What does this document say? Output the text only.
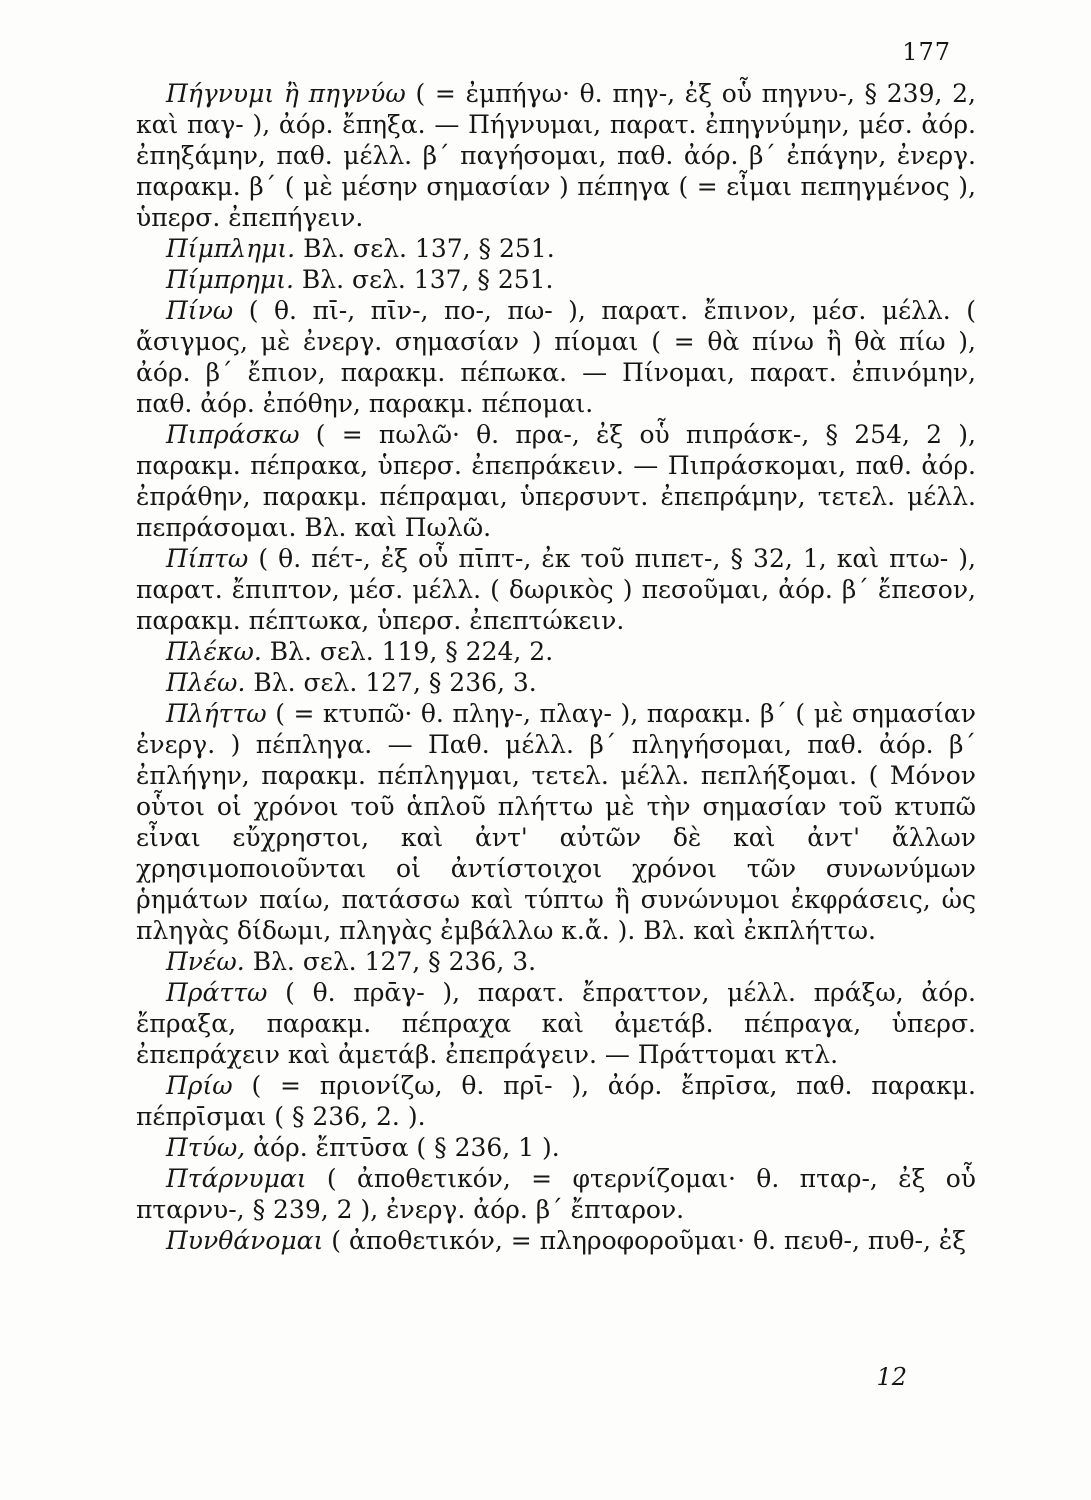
177

Πήγνυμι ἢ πηγνύω ( = ἐμπήγω· θ. πηγ-, ἐξ οὗ πηγνυ-, § 239, 2, καὶ παγ- ), ἀόρ. ἔπηξα. — Πήγνυμαι, παρατ. ἐπηγνύμην, μέσ. ἀόρ. ἐπηξάμην, παθ. μέλλ. β΄ παγήσομαι, παθ. ἀόρ. β΄ ἐπάγην, ἐνεργ. παρακμ. β΄ ( μὲ μέσην σημασίαν ) πέπηγα ( = εἶμαι πεπηγμένος ), ὑπερσ. ἐπεπήγειν.

Πίμπλημι. Βλ. σελ. 137, § 251.

Πίμπρημι. Βλ. σελ. 137, § 251.

Πίνω ( θ. πῑ-, πῑν-, πο-, πω- ), παρατ. ἔπινον, μέσ. μέλλ. ( ἄσιγμος, μὲ ἐνεργ. σημασίαν ) πίομαι ( = θὰ πίνω ἢ θὰ πίω ), ἀόρ. β΄ ἔπιον, παρακμ. πέπωκα. — Πίνομαι, παρατ. ἐπινόμην, παθ. ἀόρ. ἐπόθην, παρακμ. πέπομαι.

Πιπράσκω ( = πωλῶ· θ. πρα-, ἐξ οὗ πιπράσκ-, § 254, 2 ), παρακμ. πέπρακα, ὑπερσ. ἐπεπράκειν. — Πιπράσκομαι, παθ. ἀόρ. ἐπράθην, παρακμ. πέπραμαι, ὑπερσυντ. ἐπεπράμην, τετελ. μέλλ. πεπράσομαι. Βλ. καὶ Πωλῶ.

Πίπτω ( θ. πέτ-, ἐξ οὗ πῑπτ-, ἐκ τοῦ πιπετ-, § 32, 1, καὶ πτω- ), παρατ. ἔπιπτον, μέσ. μέλλ. ( δωρικὸς ) πεσοῦμαι, ἀόρ. β΄ ἔπεσον, παρακμ. πέπτωκα, ὑπερσ. ἐπεπτώκειν.

Πλέκω. Βλ. σελ. 119, § 224, 2.

Πλέω. Βλ. σελ. 127, § 236, 3.

Πλήττω ( = κτυπῶ· θ. πληγ-, πλαγ- ), παρακμ. β΄ ( μὲ σημασίαν ἐνεργ. ) πέπληγα. — Παθ. μέλλ. β΄ πληγήσομαι, παθ. ἀόρ. β΄ ἐπλήγην, παρακμ. πέπληγμαι, τετελ. μέλλ. πεπλήξομαι. ( Μόνον οὗτοι οἱ χρόνοι τοῦ ἁπλοῦ πλήττω μὲ τὴν σημασίαν τοῦ κτυπῶ εἶναι εὔχρηστοι, καὶ ἀντ' αὐτῶν δὲ καὶ ἀντ' ἄλλων χρησιμοποιοῦνται οἱ ἀντίστοιχοι χρόνοι τῶν συνωνύμων ῥημάτων παίω, πατάσσω καὶ τύπτω ἢ συνώνυμοι ἐκφράσεις, ὡς πληγὰς δίδωμι, πληγὰς ἐμβάλλω κ.ἄ. ). Βλ. καὶ ἐκπλήττω.

Πνέω. Βλ. σελ. 127, § 236, 3.

Πράττω ( θ. πρᾱγ- ), παρατ. ἔπραττον, μέλλ. πράξω, ἀόρ. ἔπραξα, παρακμ. πέπραχα καὶ ἀμετάβ. πέπραγα, ὑπερσ. ἐπεπράχειν καὶ ἀμετάβ. ἐπεπράγειν. — Πράττομαι κτλ.

Πρίω ( = πριονίζω, θ. πρῑ- ), ἀόρ. ἔπρῑσα, παθ. παρακμ. πέπρῑσμαι ( § 236, 2. ).

Πτύω, ἀόρ. ἔπτῡσα ( § 236, 1 ).

Πτάρνυμαι ( ἀποθετικόν, = φτερνίζομαι· θ. πταρ-, ἐξ οὗ πταρνυ-, § 239, 2 ), ἐνεργ. ἀόρ. β΄ ἔπταρον.

Πυνθάνομαι ( ἀποθετικόν, = πληροφοροῦμαι· θ. πευθ-, πυθ-, ἐξ

12
